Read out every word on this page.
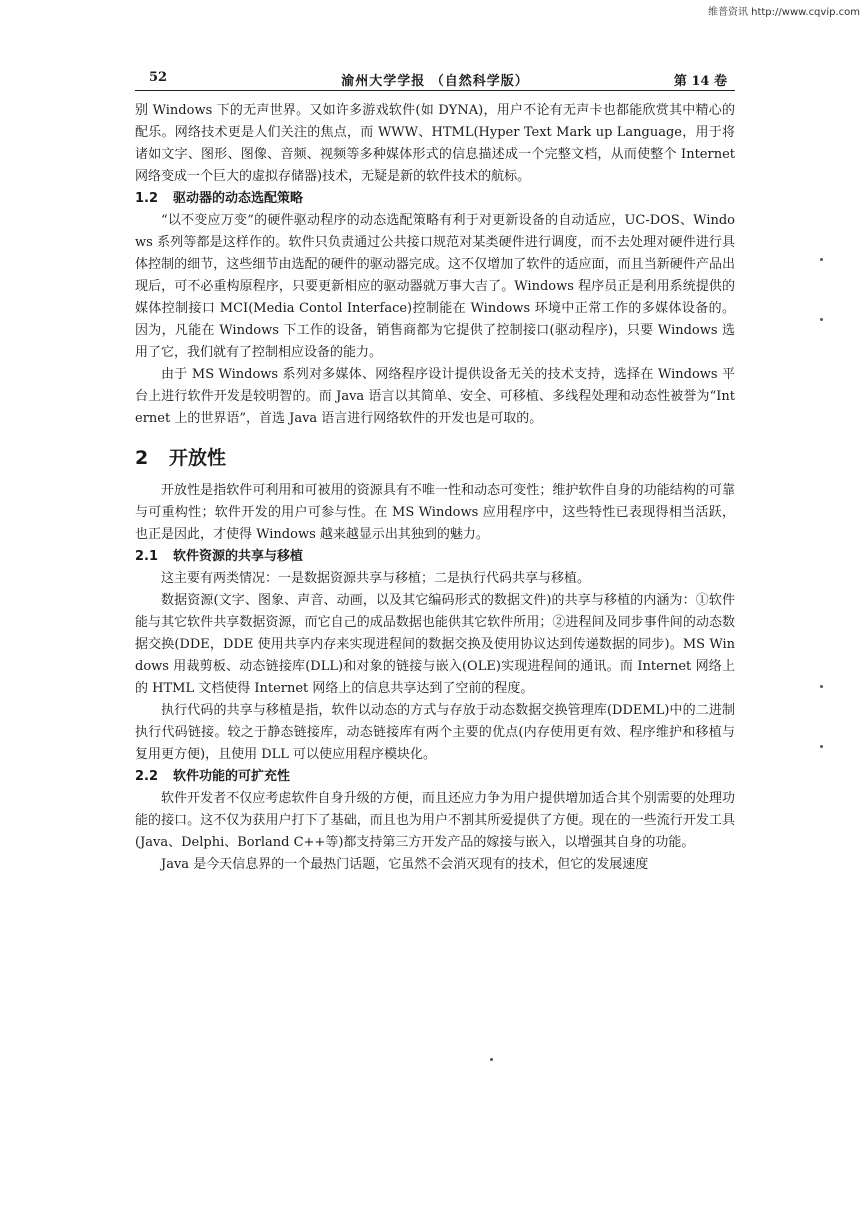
维普资讯 http://www.cqvip.com
52	渝州大学学报 （自然科学版）	第 14 卷

别 Windows 下的无声世界。又如许多游戏软件(如 DYNA)，用户不论有无声卡也都能欣赏其中精心的配乐。网络技术更是人们关注的焦点，而 WWW、HTML(Hyper Text Mark up Language，用于将诸如文字、图形、图像、音频、视频等多种媒体形式的信息描述成一个完整文档，从而使整个 Internet 网络变成一个巨大的虚拟存储器)技术，无疑是新的软件技术的航标。

1.2 驱动器的动态选配策略

“以不变应万变”的硬件驱动程序的动态选配策略有利于对更新设备的自动适应，UC-DOS、Windows 系列等都是这样作的。软件只负责通过公共接口规范对某类硬件进行调度，而不去处理对硬件进行具体控制的细节，这些细节由选配的硬件的驱动器完成。这不仅增加了软件的适应面，而且当新硬件产品出现后，可不必重构原程序，只要更新相应的驱动器就万事大吉了。Windows 程序员正是利用系统提供的媒体控制接口 MCI(Media Contol Interface)控制能在 Windows 环境中正常工作的多媒体设备的。因为，凡能在 Windows 下工作的设备，销售商都为它提供了控制接口(驱动程序)，只要 Windows 选用了它，我们就有了控制相应设备的能力。

由于 MS Windows 系列对多媒体、网络程序设计提供设备无关的技术支持，选择在 Windows 平台上进行软件开发是较明智的。而 Java 语言以其简单、安全、可移植、多线程处理和动态性被誉为“Internet 上的世界语”，首选 Java 语言进行网络软件的开发也是可取的。

2 开放性

开放性是指软件可利用和可被用的资源具有不唯一性和动态可变性；维护软件自身的功能结构的可靠与可重构性；软件开发的用户可参与性。在 MS Windows 应用程序中，这些特性已表现得相当活跃，也正是因此，才使得 Windows 越来越显示出其独到的魅力。

2.1 软件资源的共享与移植

这主要有两类情况：一是数据资源共享与移植；二是执行代码共享与移植。

数据资源(文字、图象、声音、动画，以及其它编码形式的数据文件)的共享与移植的内涵为：①软件能与其它软件共享数据资源，而它自己的成品数据也能供其它软件所用；②进程间及同步事件间的动态数据交换(DDE，DDE 使用共享内存来实现进程间的数据交换及使用协议达到传递数据的同步)。MS Windows 用裁剪板、动态链接库(DLL)和对象的链接与嵌入(OLE)实现进程间的通讯。而 Internet 网络上的 HTML 文档使得 Internet 网络上的信息共享达到了空前的程度。

执行代码的共享与移植是指，软件以动态的方式与存放于动态数据交换管理库(DDEML)中的二进制执行代码链接。较之于静态链接库，动态链接库有两个主要的优点(内存使用更有效、程序维护和移植与复用更方便)，且使用 DLL 可以使应用程序模块化。

2.2 软件功能的可扩充性

软件开发者不仅应考虑软件自身升级的方便，而且还应力争为用户提供增加适合其个别需要的处理功能的接口。这不仅为获用户打下了基础，而且也为用户不割其所爱提供了方便。现在的一些流行开发工具(Java、Delphi、Borland C++等)都支持第三方开发产品的嫁接与嵌入，以增强其自身的功能。

Java 是今天信息界的一个最热门话题，它虽然不会消灭现有的技术，但它的发展速度
